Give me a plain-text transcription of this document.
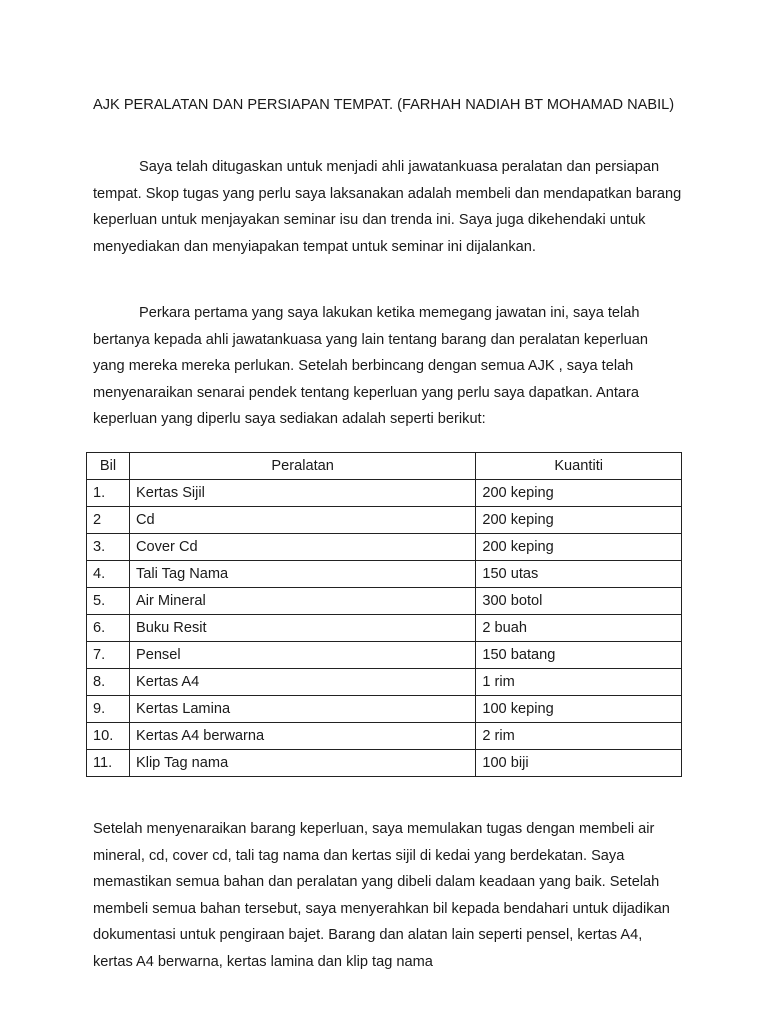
AJK PERALATAN DAN PERSIAPAN TEMPAT. (FARHAH NADIAH BT MOHAMAD NABIL)

Saya telah ditugaskan untuk menjadi ahli jawatankuasa peralatan dan persiapan tempat. Skop tugas yang perlu saya laksanakan adalah membeli dan mendapatkan barang keperluan untuk menjayakan seminar isu dan trenda ini. Saya juga dikehendaki untuk menyediakan dan menyiapakan tempat untuk seminar ini dijalankan.

Perkara pertama yang saya lakukan ketika memegang jawatan ini, saya telah bertanya kepada ahli jawatankuasa yang lain tentang barang dan peralatan keperluan yang mereka mereka perlukan. Setelah berbincang dengan semua AJK , saya telah menyenaraikan senarai pendek tentang keperluan yang perlu saya dapatkan. Antara keperluan yang diperlu saya sediakan adalah seperti berikut:

Bil	Peralatan	Kuantiti
1.	Kertas Sijil	200 keping
2	Cd	200 keping
3.	Cover Cd	200 keping
4.	Tali Tag Nama	150 utas
5.	Air Mineral	300 botol
6.	Buku Resit	2 buah
7.	Pensel	150 batang
8.	Kertas A4	1 rim
9.	Kertas Lamina	100 keping
10.	Kertas A4 berwarna	2 rim
11.	Klip Tag nama	100 biji

Setelah menyenaraikan barang keperluan, saya memulakan tugas dengan membeli air mineral, cd, cover cd, tali tag nama dan kertas sijil di kedai yang berdekatan. Saya memastikan semua bahan dan peralatan yang dibeli dalam keadaan yang baik. Setelah membeli semua bahan tersebut, saya menyerahkan bil kepada bendahari untuk dijadikan dokumentasi untuk pengiraan bajet. Barang dan alatan lain seperti pensel, kertas A4, kertas A4 berwarna, kertas lamina dan klip tag nama
